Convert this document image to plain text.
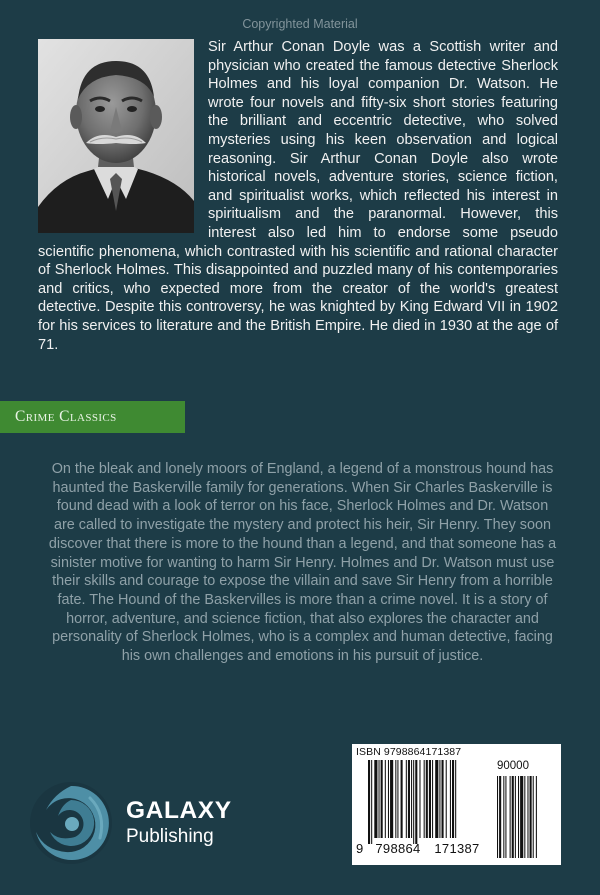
Copyrighted Material
Sir Arthur Conan Doyle was a Scottish writer and physician who created the famous detective Sherlock Holmes and his loyal companion Dr. Watson. He wrote four novels and fifty-six short stories featuring the brilliant and eccentric detective, who solved mysteries using his keen observation and logical reasoning. Sir Arthur Conan Doyle also wrote historical novels, adventure stories, science fiction, and spiritualist works, which reflected his interest in spiritualism and the paranormal. However, this interest also led him to endorse some pseudo scientific phenomena, which contrasted with his scientific and rational character of Sherlock Holmes. This disappointed and puzzled many of his contemporaries and critics, who expected more from the creator of the world's greatest detective. Despite this controversy, he was knighted by King Edward VII in 1902 for his services to literature and the British Empire. He died in 1930 at the age of 71.
Crime Classics
On the bleak and lonely moors of England, a legend of a monstrous hound has haunted the Baskerville family for generations. When Sir Charles Baskerville is found dead with a look of terror on his face, Sherlock Holmes and Dr. Watson are called to investigate the mystery and protect his heir, Sir Henry. They soon discover that there is more to the hound than a legend, and that someone has a sinister motive for wanting to harm Sir Henry. Holmes and Dr. Watson must use their skills and courage to expose the villain and save Sir Henry from a horrible fate. The Hound of the Baskervilles is more than a crime novel. It is a story of horror, adventure, and science fiction, that also explores the character and personality of Sherlock Holmes, who is a complex and human detective, facing his own challenges and emotions in his pursuit of justice.
ISBN 9798864171387
90000
9 798864	171387
GALAXY
Publishing
